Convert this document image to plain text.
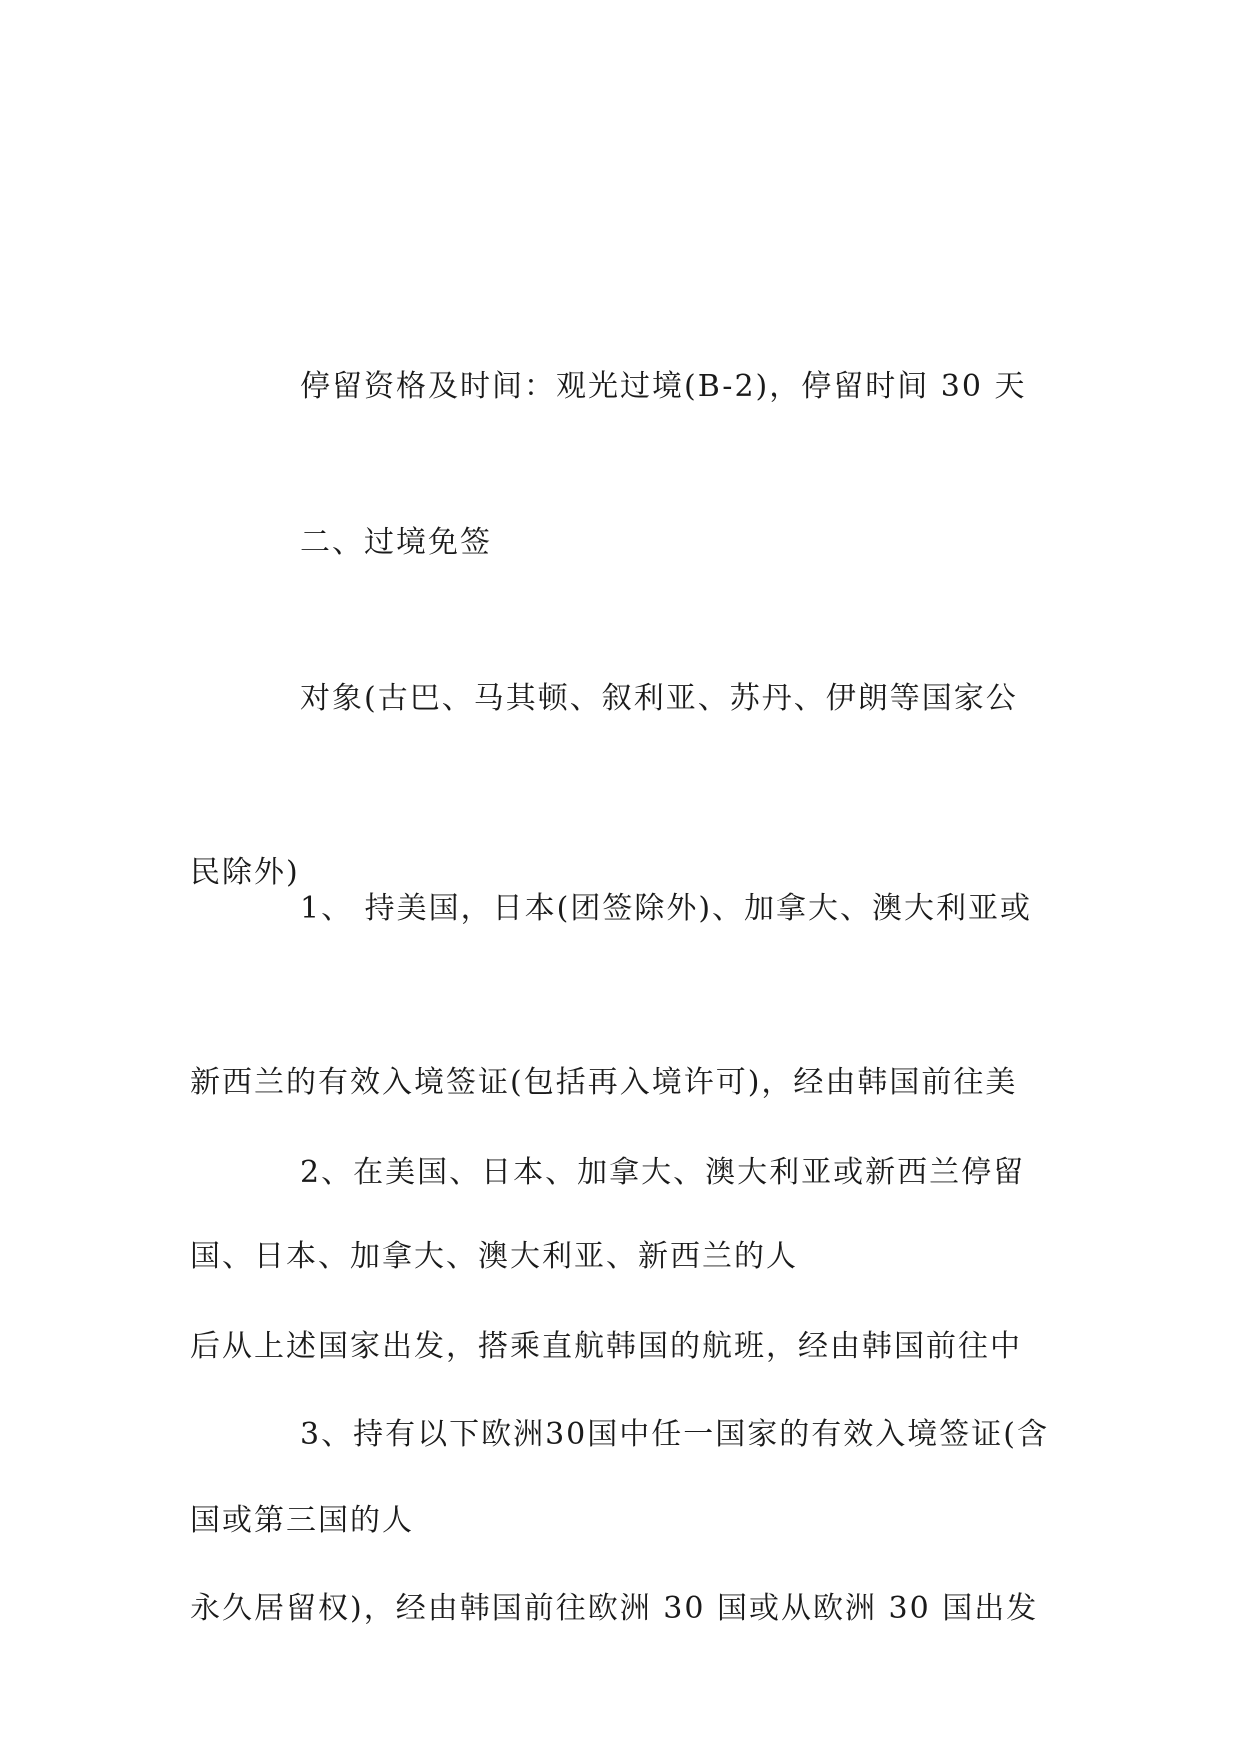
停留资格及时间：观光过境(B-2)，停留时间 30 天

二、过境免签

对象(古巴、马其顿、叙利亚、苏丹、伊朗等国家公

民除外)

1、 持美国，日本(团签除外)、加拿大、澳大利亚或

新西兰的有效入境签证(包括再入境许可)，经由韩国前往美

国、日本、加拿大、澳大利亚、新西兰的人

2、在美国、日本、加拿大、澳大利亚或新西兰停留

后从上述国家出发，搭乘直航韩国的航班，经由韩国前往中

国或第三国的人

3、持有以下欧洲30国中任一国家的有效入境签证(含

永久居留权)，经由韩国前往欧洲 30 国或从欧洲 30 国出发
